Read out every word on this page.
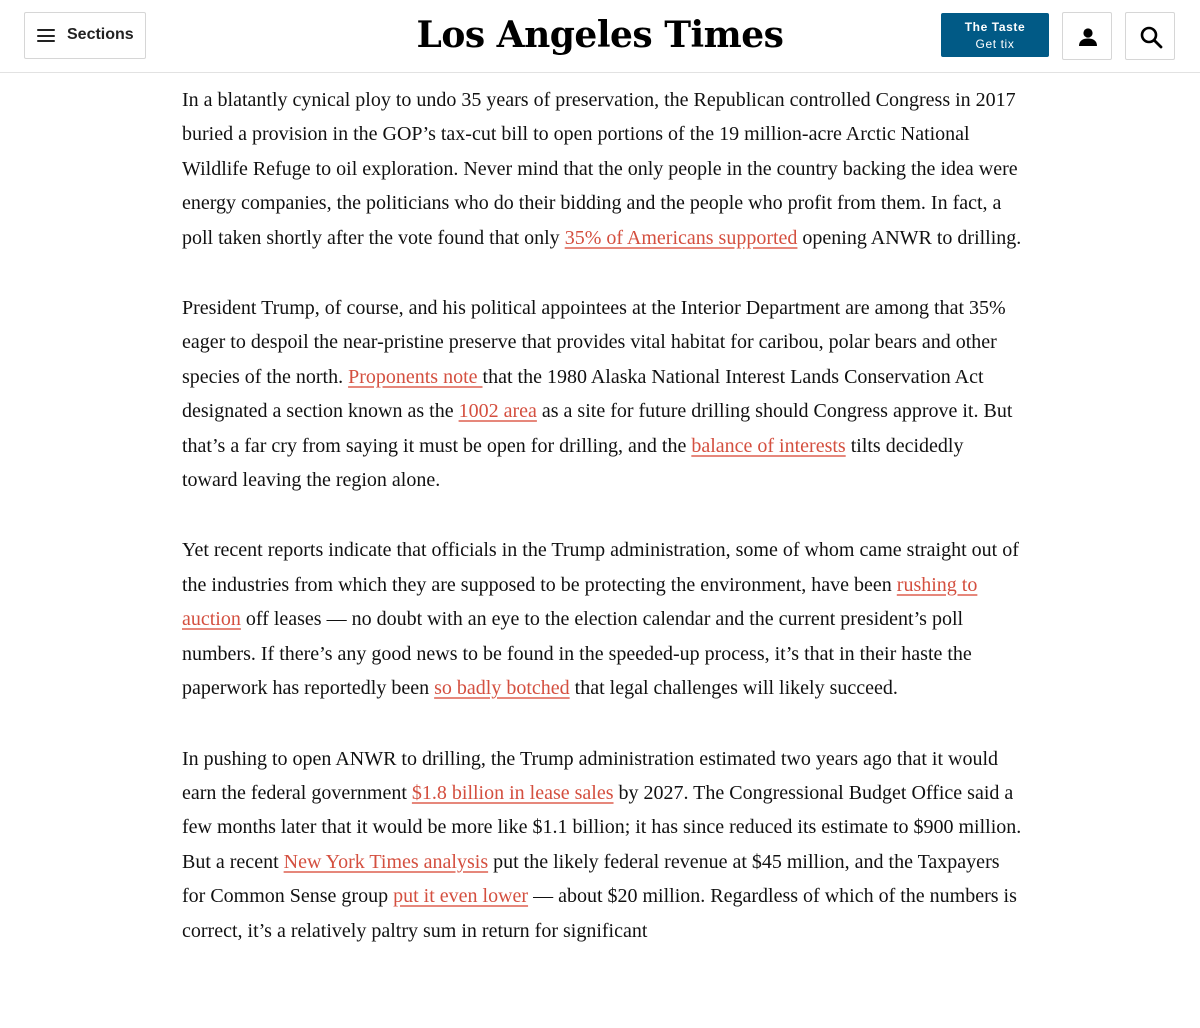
Sections	Los Angeles Times	The Taste
Get tix

In a blatantly cynical ploy to undo 35 years of preservation, the Republican controlled Congress in 2017 buried a provision in the GOP’s tax-cut bill to open portions of the 19 million-acre Arctic National Wildlife Refuge to oil exploration. Never mind that the only people in the country backing the idea were energy companies, the politicians who do their bidding and the people who profit from them. In fact, a poll taken shortly after the vote found that only 35% of Americans supported opening ANWR to drilling.

President Trump, of course, and his political appointees at the Interior Department are among that 35% eager to despoil the near-pristine preserve that provides vital habitat for caribou, polar bears and other species of the north. Proponents note that the 1980 Alaska National Interest Lands Conservation Act designated a section known as the 1002 area as a site for future drilling should Congress approve it. But that’s a far cry from saying it must be open for drilling, and the balance of interests tilts decidedly toward leaving the region alone.

Yet recent reports indicate that officials in the Trump administration, some of whom came straight out of the industries from which they are supposed to be protecting the environment, have been rushing to auction off leases — no doubt with an eye to the election calendar and the current president’s poll numbers. If there’s any good news to be found in the speeded-up process, it’s that in their haste the paperwork has reportedly been so badly botched that legal challenges will likely succeed.

In pushing to open ANWR to drilling, the Trump administration estimated two years ago that it would earn the federal government $1.8 billion in lease sales by 2027. The Congressional Budget Office said a few months later that it would be more like $1.1 billion; it has since reduced its estimate to $900 million. But a recent New York Times analysis put the likely federal revenue at $45 million, and the Taxpayers for Common Sense group put it even lower — about $20 million. Regardless of which of the numbers is correct, it’s a relatively paltry sum in return for significant
